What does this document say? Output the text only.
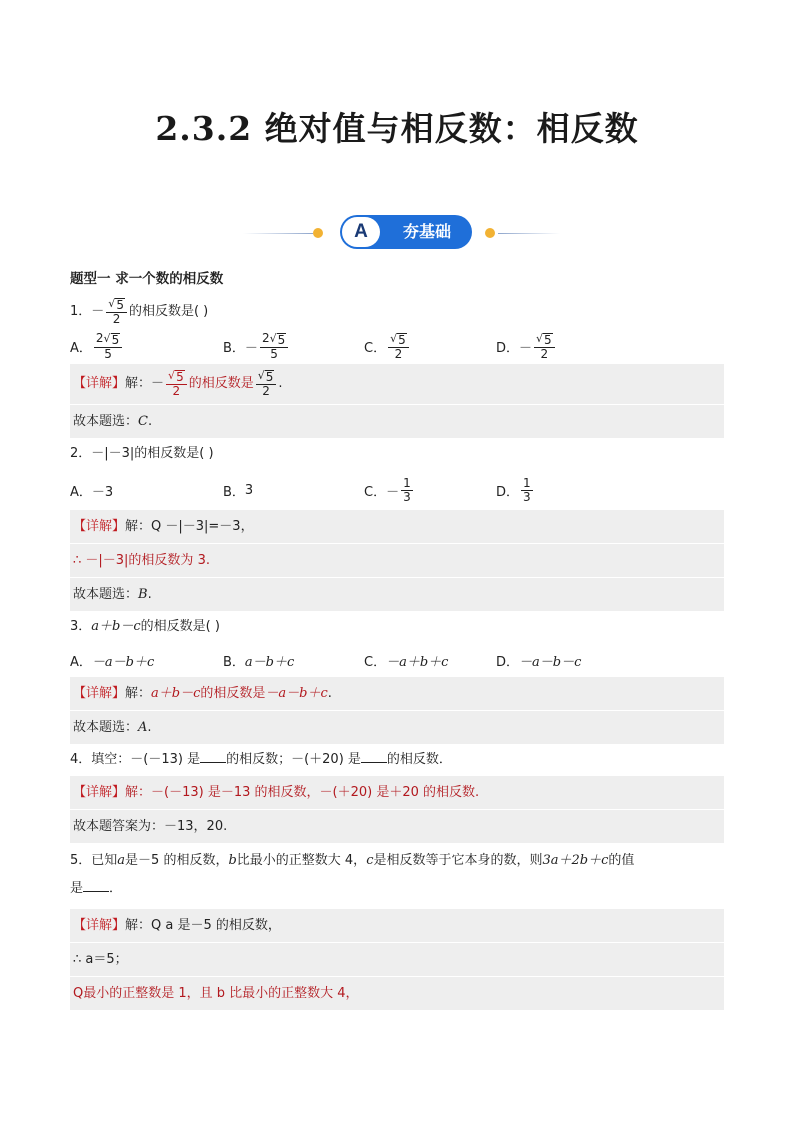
2.3.2 绝对值与相反数：相反数
A	夯基础
题型一 求一个数的相反数
1．－ $\frac{√ 5}{2}$ 的相反数是( )
A． $\frac{2 √ 5}{5}$	B． － $\frac{2 √ 5}{5}$	C． $\frac{√ 5}{2}$	D． － $\frac{√ 5}{2}$
【详解】解：－ $\frac{√ 5}{2}$ 的相反数是 $\frac{√ 5}{2}$ .
故本题选：C.
2．－|－3|的相反数是( )
A． －3	B． 3	C． － $\frac{1}{3}$	D． $\frac{1}{3}$
【详解】解：Q －|－3|=－3，
∴ －|－3|的相反数为 3.
故本题选：B.
3．a＋b－c的相反数是( )
A． －a－b＋c	B． a－b＋c	C． －a＋b＋c	D． －a－b－c
【详解】解：a＋b－c的相反数是－a－b＋c.
故本题选：A.
4．填空：－(－13) 是 的相反数；－(＋20) 是 的相反数．
【详解】解：－(－13) 是－13 的相反数，－(＋20) 是＋20 的相反数.
故本题答案为：－13，20.
5．已知a是－5 的相反数，b比最小的正整数大 4，c是相反数等于它本身的数，则3a＋2b＋c的值
是 ．
【详解】解：Q a 是－5 的相反数，
∴ a＝5；
Q最小的正整数是 1，且 b 比最小的正整数大 4，
